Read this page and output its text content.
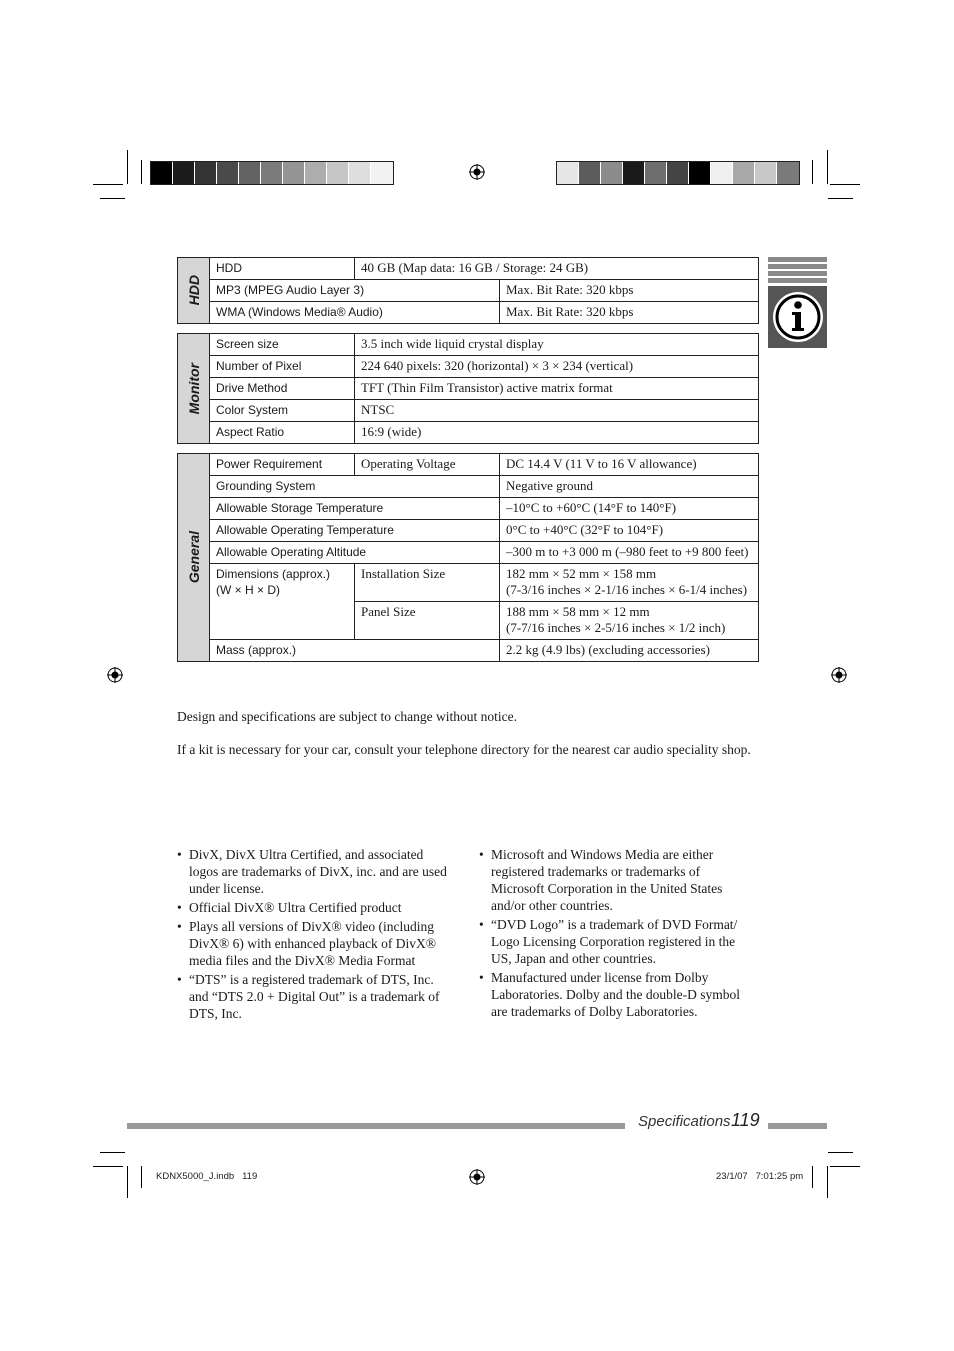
HDD	HDD	40 GB (Map data: 16 GB / Storage: 24 GB)	
	MP3 (MPEG Audio Layer 3)		Max. Bit Rate: 320 kbps
	WMA (Windows Media® Audio)		Max. Bit Rate: 320 kbps
Monitor	Screen size	3.5 inch wide liquid crystal display
	Number of Pixel	224 640 pixels: 320 (horizontal) × 3 × 234 (vertical)
	Drive Method	TFT (Thin Film Transistor) active matrix format
	Color System	NTSC
	Aspect Ratio	16:9 (wide)
General	Power Requirement	Operating Voltage	DC 14.4 V (11 V to 16 V allowance)
	Grounding System		Negative ground
	Allowable Storage Temperature		–10°C to +60°C (14°F to 140°F)
	Allowable Operating Temperature		0°C to +40°C (32°F to 104°F)
	Allowable Operating Altitude		–300 m to +3 000 m (–980 feet to +9 800 feet)
	Dimensions (approx.)
(W × H × D)	Installation Size	182 mm × 52 mm × 158 mm
(7-3/16 inches × 2-1/16 inches × 6-1/4 inches)
		Panel Size	188 mm × 58 mm × 12 mm
(7-7/16 inches × 2-5/16 inches × 1/2 inch)
	Mass (approx.)		2.2 kg (4.9 lbs) (excluding accessories)
Design and specifications are subject to change without notice.
If a kit is necessary for your car, consult your telephone directory for the nearest car audio speciality shop.
• DivX, DivX Ultra Certified, and associated logos are trademarks of DivX, inc. and are used under license.
• Official DivX® Ultra Certified product
• Plays all versions of DivX® video (including DivX® 6) with enhanced playback of DivX® media files and the DivX® Media Format
• “DTS” is a registered trademark of DTS, Inc. and “DTS 2.0 + Digital Out” is a trademark of DTS, Inc.
• Microsoft and Windows Media are either registered trademarks or trademarks of Microsoft Corporation in the United States and/or other countries.
• “DVD Logo” is a trademark of DVD Format/ Logo Licensing Corporation registered in the US, Japan and other countries.
• Manufactured under license from Dolby Laboratories. Dolby and the double-D symbol are trademarks of Dolby Laboratories.
Specifications 119
KDNX5000_J.indb   119	23/1/07   7:01:25 pm
